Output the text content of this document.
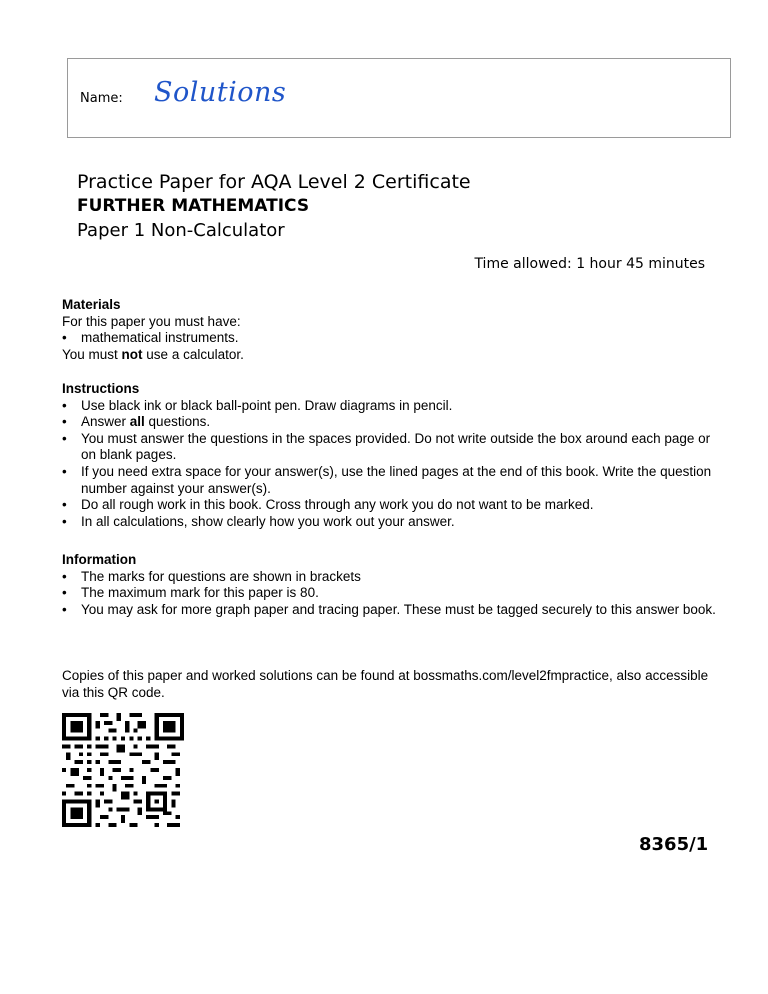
Name: Solutions
Practice Paper for AQA Level 2 Certificate
FURTHER MATHEMATICS
Paper 1 Non-Calculator
Time allowed: 1 hour 45 minutes
Materials

For this paper you must have:

• mathematical instruments.

You must not use a calculator.

Instructions
• Use black ink or black ball-point pen. Draw diagrams in pencil.
• Answer all questions.
• You must answer the questions in the spaces provided. Do not write outside the box around each page or on blank pages.
• If you need extra space for your answer(s), use the lined pages at the end of this book. Write the question number against your answer(s).
• Do all rough work in this book. Cross through any work you do not want to be marked.
• In all calculations, show clearly how you work out your answer.
Information
• The marks for questions are shown in brackets
• The maximum mark for this paper is 80.
• You may ask for more graph paper and tracing paper. These must be tagged securely to this answer book.

Copies of this paper and worked solutions can be found at bossmaths.com/level2fmpractice, also accessible via this QR code.

8365/1
